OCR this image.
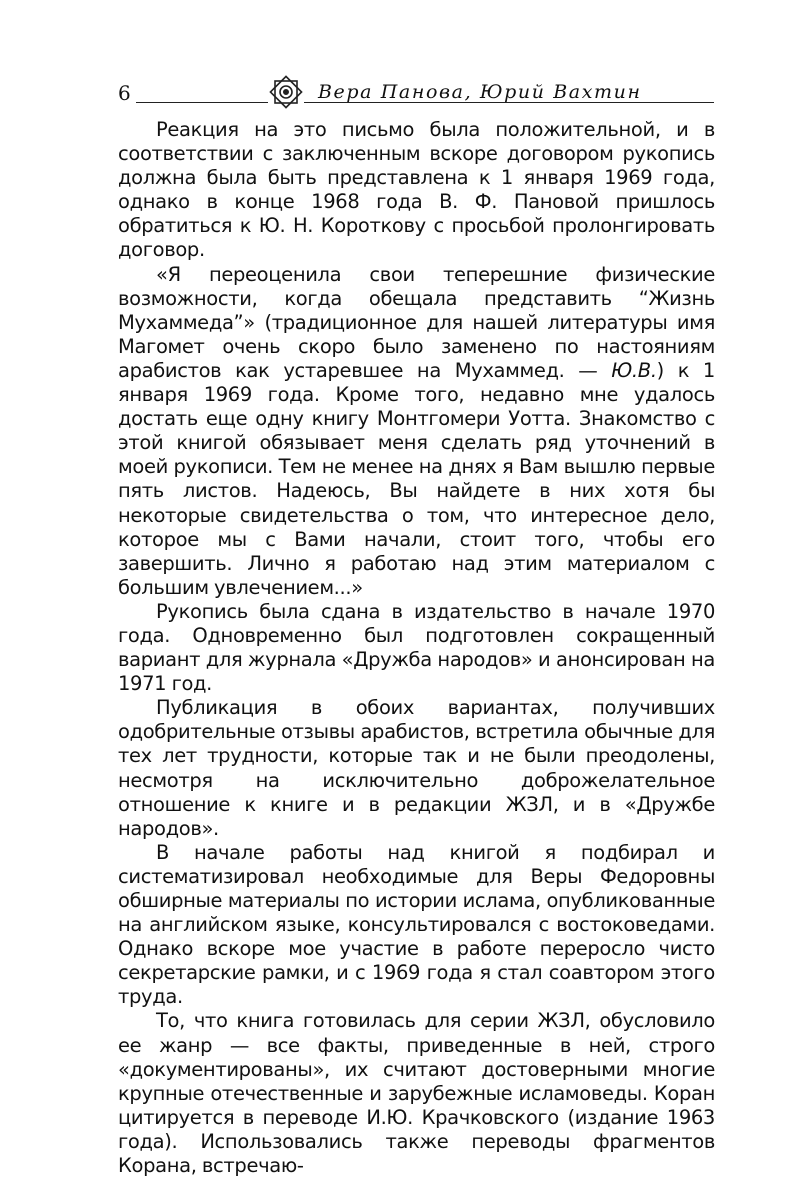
6	Вера Панова, Юрий Вахтин

Реакция на это письмо была положительной, и в соответствии с заключенным вскоре договором рукопись должна была быть представлена к 1 января 1969 года, однако в конце 1968 года В. Ф. Пановой пришлось обратиться к Ю. Н. Короткову с просьбой пролонгировать договор.

«Я переоценила свои теперешние физические возможности, когда обещала представить “Жизнь Мухаммеда”» (традиционное для нашей литературы имя Магомет очень скоро было заменено по настояниям арабистов как устаревшее на Мухаммед. — Ю.В.) к 1 января 1969 года. Кроме того, недавно мне удалось достать еще одну книгу Монтгомери Уотта. Знакомство с этой книгой обязывает меня сделать ряд уточнений в моей рукописи. Тем не менее на днях я Вам вышлю первые пять листов. Надеюсь, Вы найдете в них хотя бы некоторые свидетельства о том, что интересное дело, которое мы с Вами начали, стоит того, чтобы его завершить. Лично я работаю над этим материалом с большим увлечением...»

Рукопись была сдана в издательство в начале 1970 года. Одновременно был подготовлен сокращенный вариант для журнала «Дружба народов» и анонсирован на 1971 год.

Публикация в обоих вариантах, получивших одобрительные отзывы арабистов, встретила обычные для тех лет трудности, которые так и не были преодолены, несмотря на исключительно доброжелательное отношение к книге и в редакции ЖЗЛ, и в «Дружбе народов».

В начале работы над книгой я подбирал и систематизировал необходимые для Веры Федоровны обширные материалы по истории ислама, опубликованные на английском языке, консультировался с востоковедами. Однако вскоре мое участие в работе переросло чисто секретарские рамки, и с 1969 года я стал соавтором этого труда.

То, что книга готовилась для серии ЖЗЛ, обусловило ее жанр — все факты, приведенные в ней, строго «документированы», их считают достоверными многие крупные отечественные и зарубежные исламоведы. Коран цитируется в переводе И.Ю. Крачковского (издание 1963 года). Использовались также переводы фрагментов Корана, встречаю-
